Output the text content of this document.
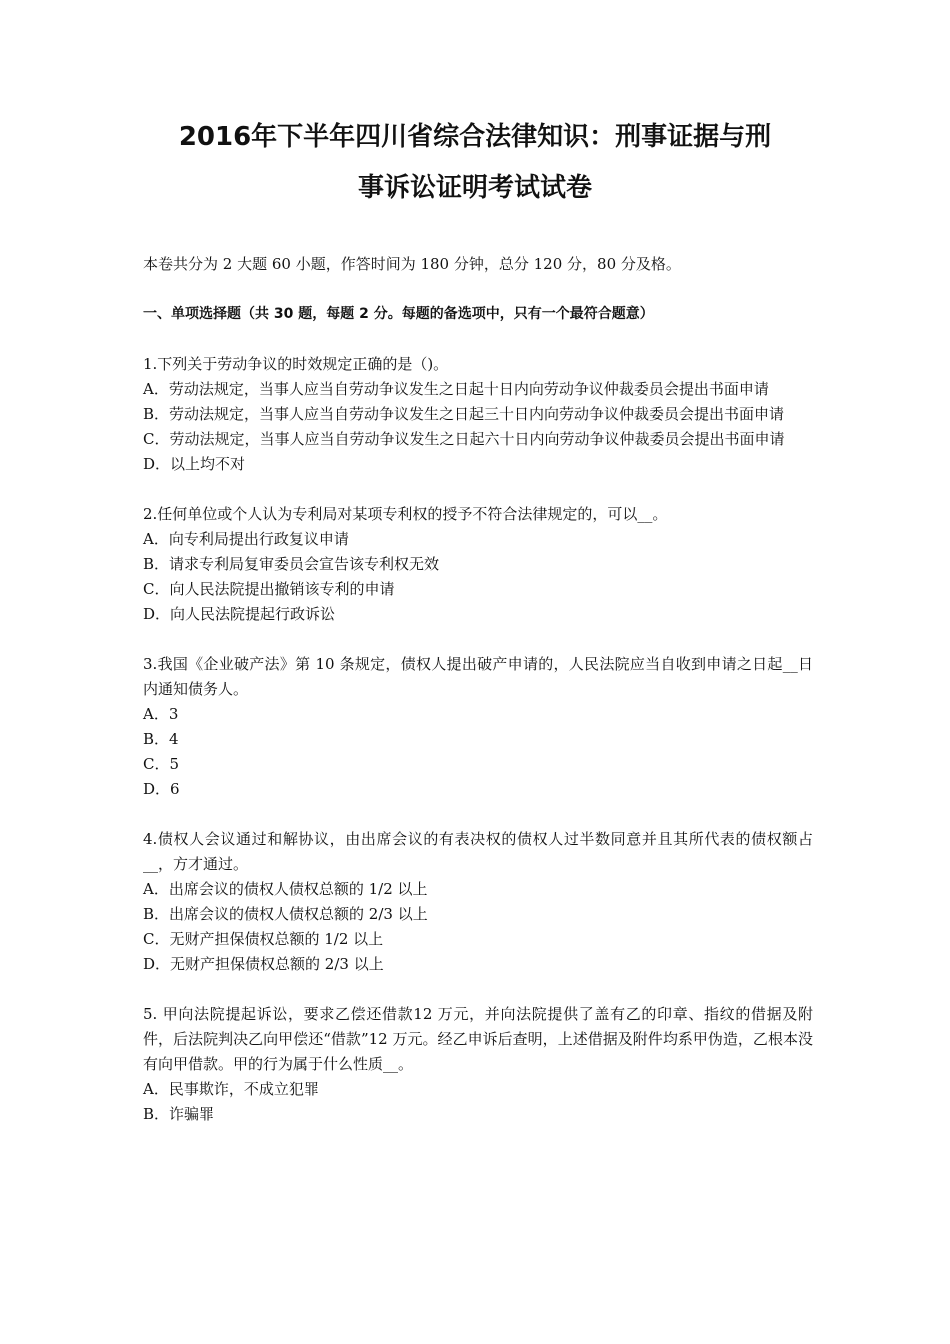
2016年下半年四川省综合法律知识：刑事证据与刑
事诉讼证明考试试卷

本卷共分为 2 大题 60 小题，作答时间为 180 分钟，总分 120 分，80 分及格。

一、单项选择题（共 30 题，每题 2 分。每题的备选项中，只有一个最符合题意）

1.下列关于劳动争议的时效规定正确的是（)。

A．劳动法规定，当事人应当自劳动争议发生之日起十日内向劳动争议仲裁委员会提出书面申请

B．劳动法规定，当事人应当自劳动争议发生之日起三十日内向劳动争议仲裁委员会提出书面申请

C．劳动法规定，当事人应当自劳动争议发生之日起六十日内向劳动争议仲裁委员会提出书面申请

D．以上均不对

2.任何单位或个人认为专利局对某项专利权的授予不符合法律规定的，可以__。

A．向专利局提出行政复议申请

B．请求专利局复审委员会宣告该专利权无效

C．向人民法院提出撤销该专利的申请

D．向人民法院提起行政诉讼

3.我国《企业破产法》第 10 条规定，债权人提出破产申请的，人民法院应当自收到申请之日起__日内通知债务人。

A．3

B．4

C．5

D．6

4.债权人会议通过和解协议，由出席会议的有表决权的债权人过半数同意并且其所代表的债权额占__，方才通过。

A．出席会议的债权人债权总额的 1/2 以上

B．出席会议的债权人债权总额的 2/3 以上

C．无财产担保债权总额的 1/2 以上

D．无财产担保债权总额的 2/3 以上

5. 甲向法院提起诉讼，要求乙偿还借款12 万元，并向法院提供了盖有乙的印章、指纹的借据及附件，后法院判决乙向甲偿还“借款”12 万元。经乙申诉后查明，上述借据及附件均系甲伪造，乙根本没有向甲借款。甲的行为属于什么性质__。

A．民事欺诈，不成立犯罪

B．诈骗罪
